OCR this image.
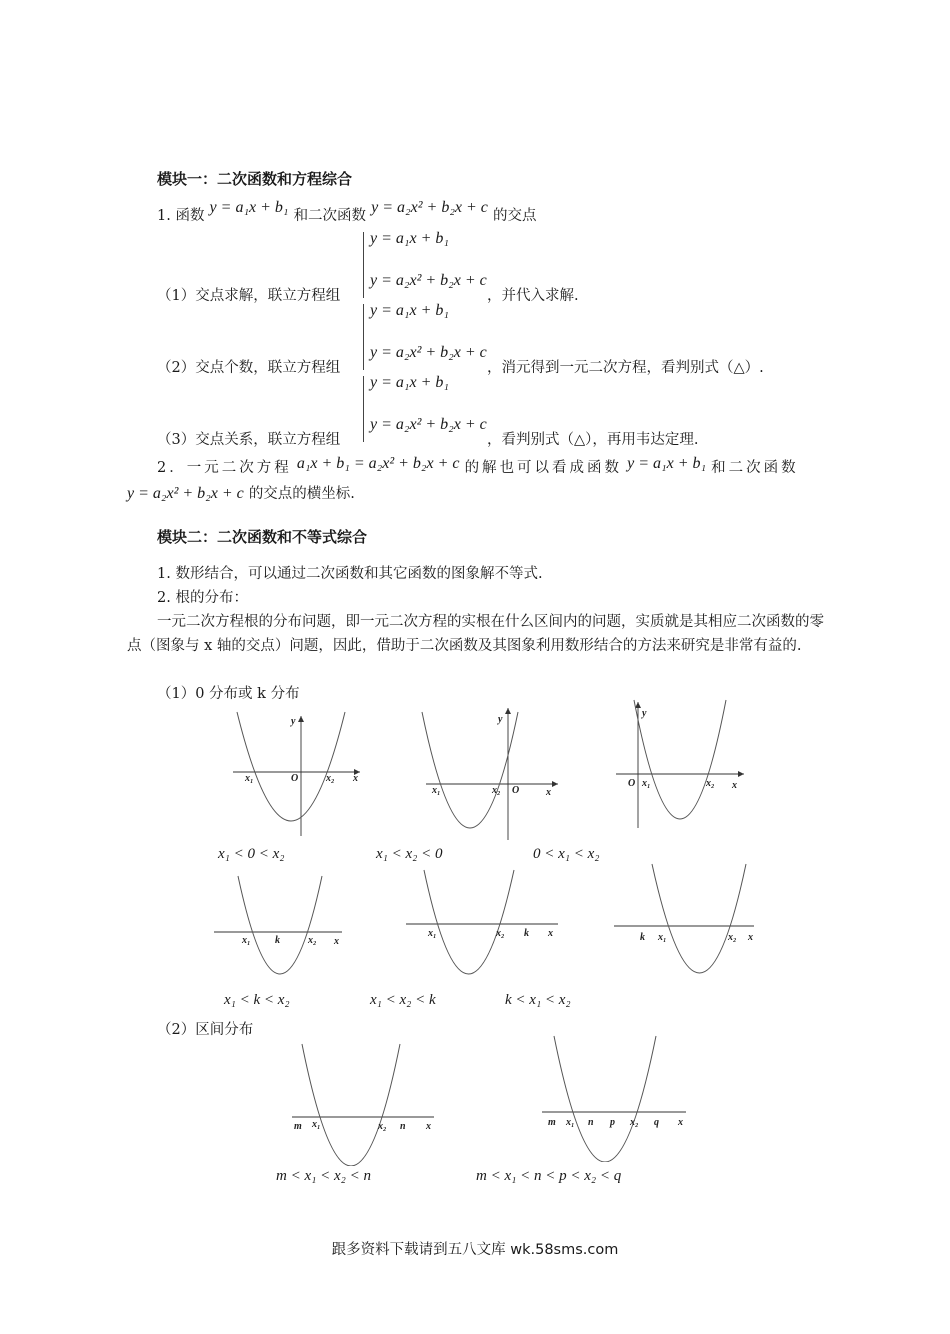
模块一：二次函数和方程综合
1. 函数 y = a₁x + b₁ 和二次函数 y = a₂x² + b₂x + c 的交点
y = a₁x + b₁
y = a₂x² + b₂x + c
（1）交点求解，联立方程组	，并代入求解.
y = a₁x + b₁
y = a₂x² + b₂x + c
（2）交点个数，联立方程组	，消元得到一元二次方程，看判别式（△）.
y = a₁x + b₁
y = a₂x² + b₂x + c
（3）交点关系，联立方程组	，看判别式（△），再用韦达定理.
2．一元二次方程 a₁x + b₁ = a₂x² + b₂x + c 的解也可以看成函数 y = a₁x + b₁ 和二次函数
y = a₂x² + b₂x + c 的交点的横坐标.
模块二：二次函数和不等式综合
1. 数形结合，可以通过二次函数和其它函数的图象解不等式.
2. 根的分布：
一元二次方程根的分布问题，即一元二次方程的实根在什么区间内的问题，实质就是其相应二次函数的零点（图象与 x 轴的交点）问题，因此，借助于二次函数及其图象利用数形结合的方法来研究是非常有益的.
（1）0 分布或 k 分布
y
x₁	O	x₂ x
y
x₁	x₂ O	x
y
O x₁	x₂ x
x₁ < 0 < x₂	x₁ < x₂ < 0	0 < x₁ < x₂
x₁ k	x₂ x
x₁	x₂ k x	k x₁	x₂ x
x₁ < k < x₂	x₁ < x₂ < k	k < x₁ < x₂
（2）区间分布
m x₁	x₂ n x	m x₁ n p x₂ q x
m < x₁ < x₂ < n	m < x₁ < n < p < x₂ < q
跟多资料下载请到五八文库 wk.58sms.com
